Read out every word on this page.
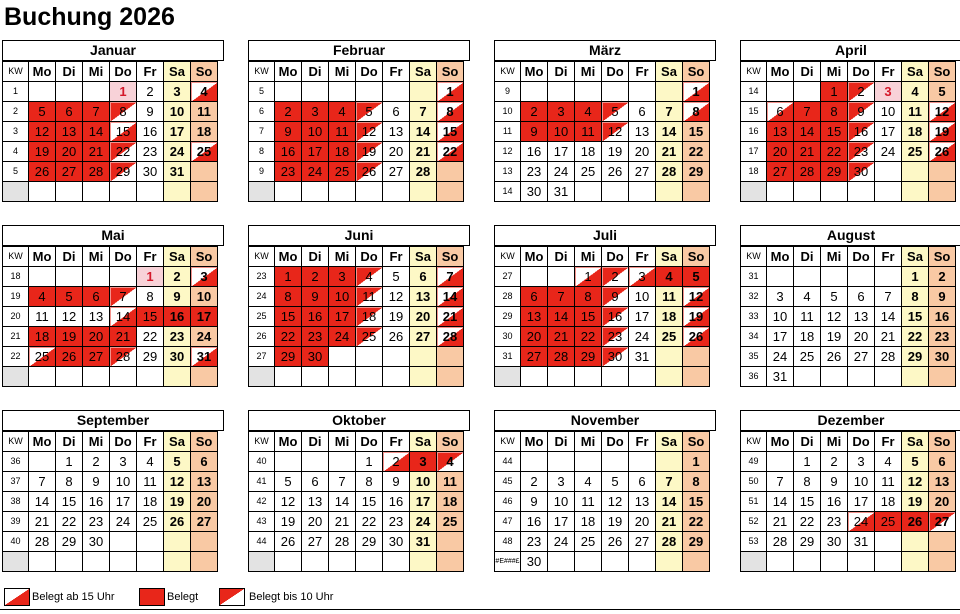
Buchung 2026
Januar
KW	Mo	Di	Mi	Do	Fr	Sa	So
1				1	2	3	4
2	5	6	7	8	9	10	11
3	12	13	14	15	16	17	18
4	19	20	21	22	23	24	25
5	26	27	28	29	30	31	

Februar
KW	Mo	Di	Mi	Do	Fr	Sa	So
5							1
6	2	3	4	5	6	7	8
7	9	10	11	12	13	14	15
8	16	17	18	19	20	21	22
9	23	24	25	26	27	28	

März
KW	Mo	Di	Mi	Do	Fr	Sa	So
9							1
10	2	3	4	5	6	7	8
11	9	10	11	12	13	14	15
12	16	17	18	19	20	21	22
13	23	24	25	26	27	28	29
14	30	31					
April
KW	Mo	Di	Mi	Do	Fr	Sa	So
14			1	2	3	4	5
15	6	7	8	9	10	11	12
16	13	14	15	16	17	18	19
17	20	21	22	23	24	25	26
18	27	28	29	30			

Mai
KW	Mo	Di	Mi	Do	Fr	Sa	So
18					1	2	3
19	4	5	6	7	8	9	10
20	11	12	13	14	15	16	17
21	18	19	20	21	22	23	24
22	25	26	27	28	29	30	31

Juni
KW	Mo	Di	Mi	Do	Fr	Sa	So
23	1	2	3	4	5	6	7
24	8	9	10	11	12	13	14
25	15	16	17	18	19	20	21
26	22	23	24	25	26	27	28
27	29	30					

Juli
KW	Mo	Di	Mi	Do	Fr	Sa	So
27			1	2	3	4	5
28	6	7	8	9	10	11	12
29	13	14	15	16	17	18	19
30	20	21	22	23	24	25	26
31	27	28	29	30	31		

August
KW	Mo	Di	Mi	Do	Fr	Sa	So
31						1	2
32	3	4	5	6	7	8	9
33	10	11	12	13	14	15	16
34	17	18	19	20	21	22	23
35	24	25	26	27	28	29	30
36	31						
September
KW	Mo	Di	Mi	Do	Fr	Sa	So
36		1	2	3	4	5	6
37	7	8	9	10	11	12	13
38	14	15	16	17	18	19	20
39	21	22	23	24	25	26	27
40	28	29	30				

Oktober
KW	Mo	Di	Mi	Do	Fr	Sa	So
40				1	2	3	4
41	5	6	7	8	9	10	11
42	12	13	14	15	16	17	18
43	19	20	21	22	23	24	25
44	26	27	28	29	30	31	

November
KW	Mo	Di	Mi	Do	Fr	Sa	So
44							1
45	2	3	4	5	6	7	8
46	9	10	11	12	13	14	15
47	16	17	18	19	20	21	22
48	23	24	25	26	27	28	29
#E###£	30						
Dezember
KW	Mo	Di	Mi	Do	Fr	Sa	So
49		1	2	3	4	5	6
50	7	8	9	10	11	12	13
51	14	15	16	17	18	19	20
52	21	22	23	24	25	26	27
53	28	29	30	31			

Belegt ab 15 Uhr	Belegt	Belegt bis 10 Uhr
